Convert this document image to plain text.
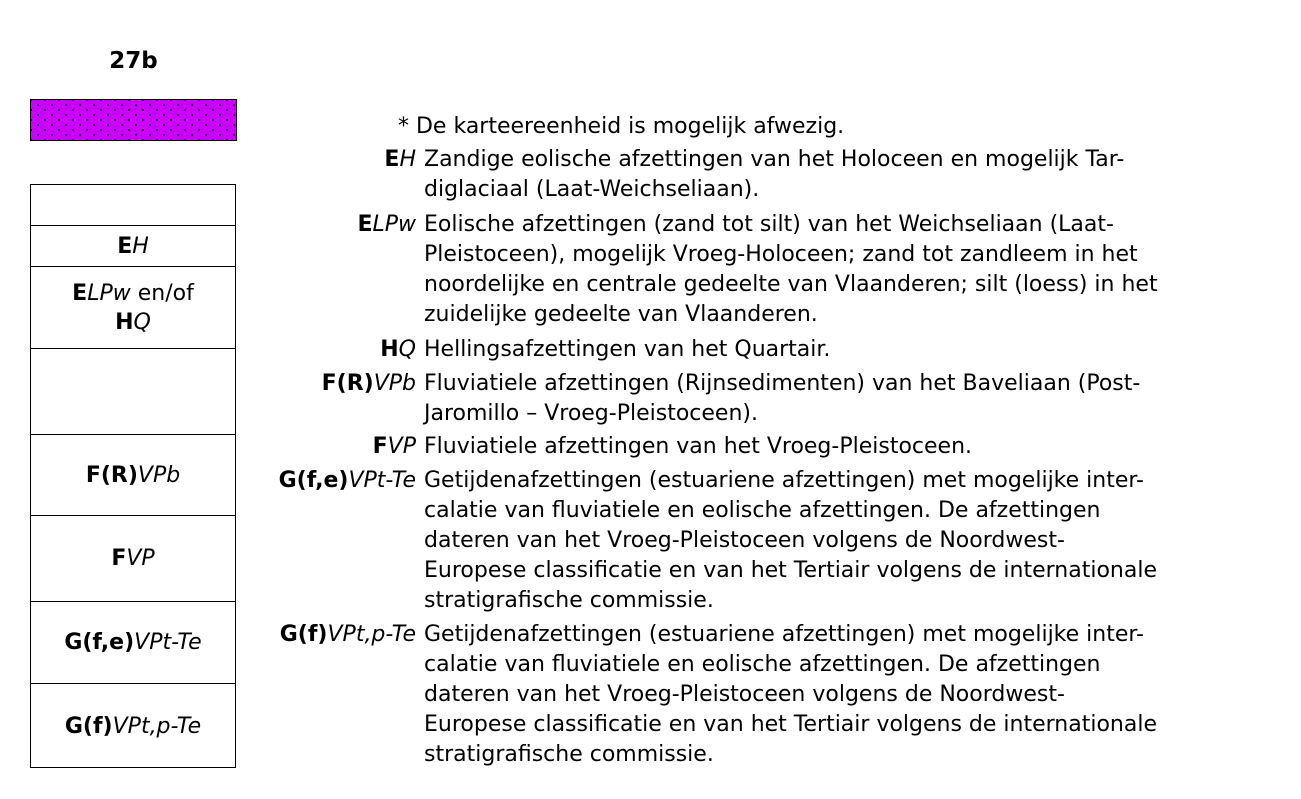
27b
EH
ELPw en/of
HQ
F(R)VPb
FVP
G(f,e)VPt-Te
G(f)VPt,p-Te
* De karteereenheid is mogelijk afwezig.
EH Zandige eolische afzettingen van het Holoceen en mogelijk Tar-
diglaciaal (Laat-Weichseliaan).
ELPw Eolische afzettingen (zand tot silt) van het Weichseliaan (Laat-
Pleistoceen), mogelijk Vroeg-Holoceen; zand tot zandleem in het
noordelijke en centrale gedeelte van Vlaanderen; silt (loess) in het
zuidelijke gedeelte van Vlaanderen.
HQ Hellingsafzettingen van het Quartair.
F(R)VPb Fluviatiele afzettingen (Rijnsedimenten) van het Baveliaan (Post-
Jaromillo – Vroeg-Pleistoceen).
FVP Fluviatiele afzettingen van het Vroeg-Pleistoceen.
G(f,e)VPt-Te Getijdenafzettingen (estuariene afzettingen) met mogelijke inter-
calatie van fluviatiele en eolische afzettingen. De afzettingen
dateren van het Vroeg-Pleistoceen volgens de Noordwest-
Europese classificatie en van het Tertiair volgens de internationale
stratigrafische commissie.
G(f)VPt,p-Te Getijdenafzettingen (estuariene afzettingen) met mogelijke inter-
calatie van fluviatiele en eolische afzettingen. De afzettingen
dateren van het Vroeg-Pleistoceen volgens de Noordwest-
Europese classificatie en van het Tertiair volgens de internationale
stratigrafische commissie.
